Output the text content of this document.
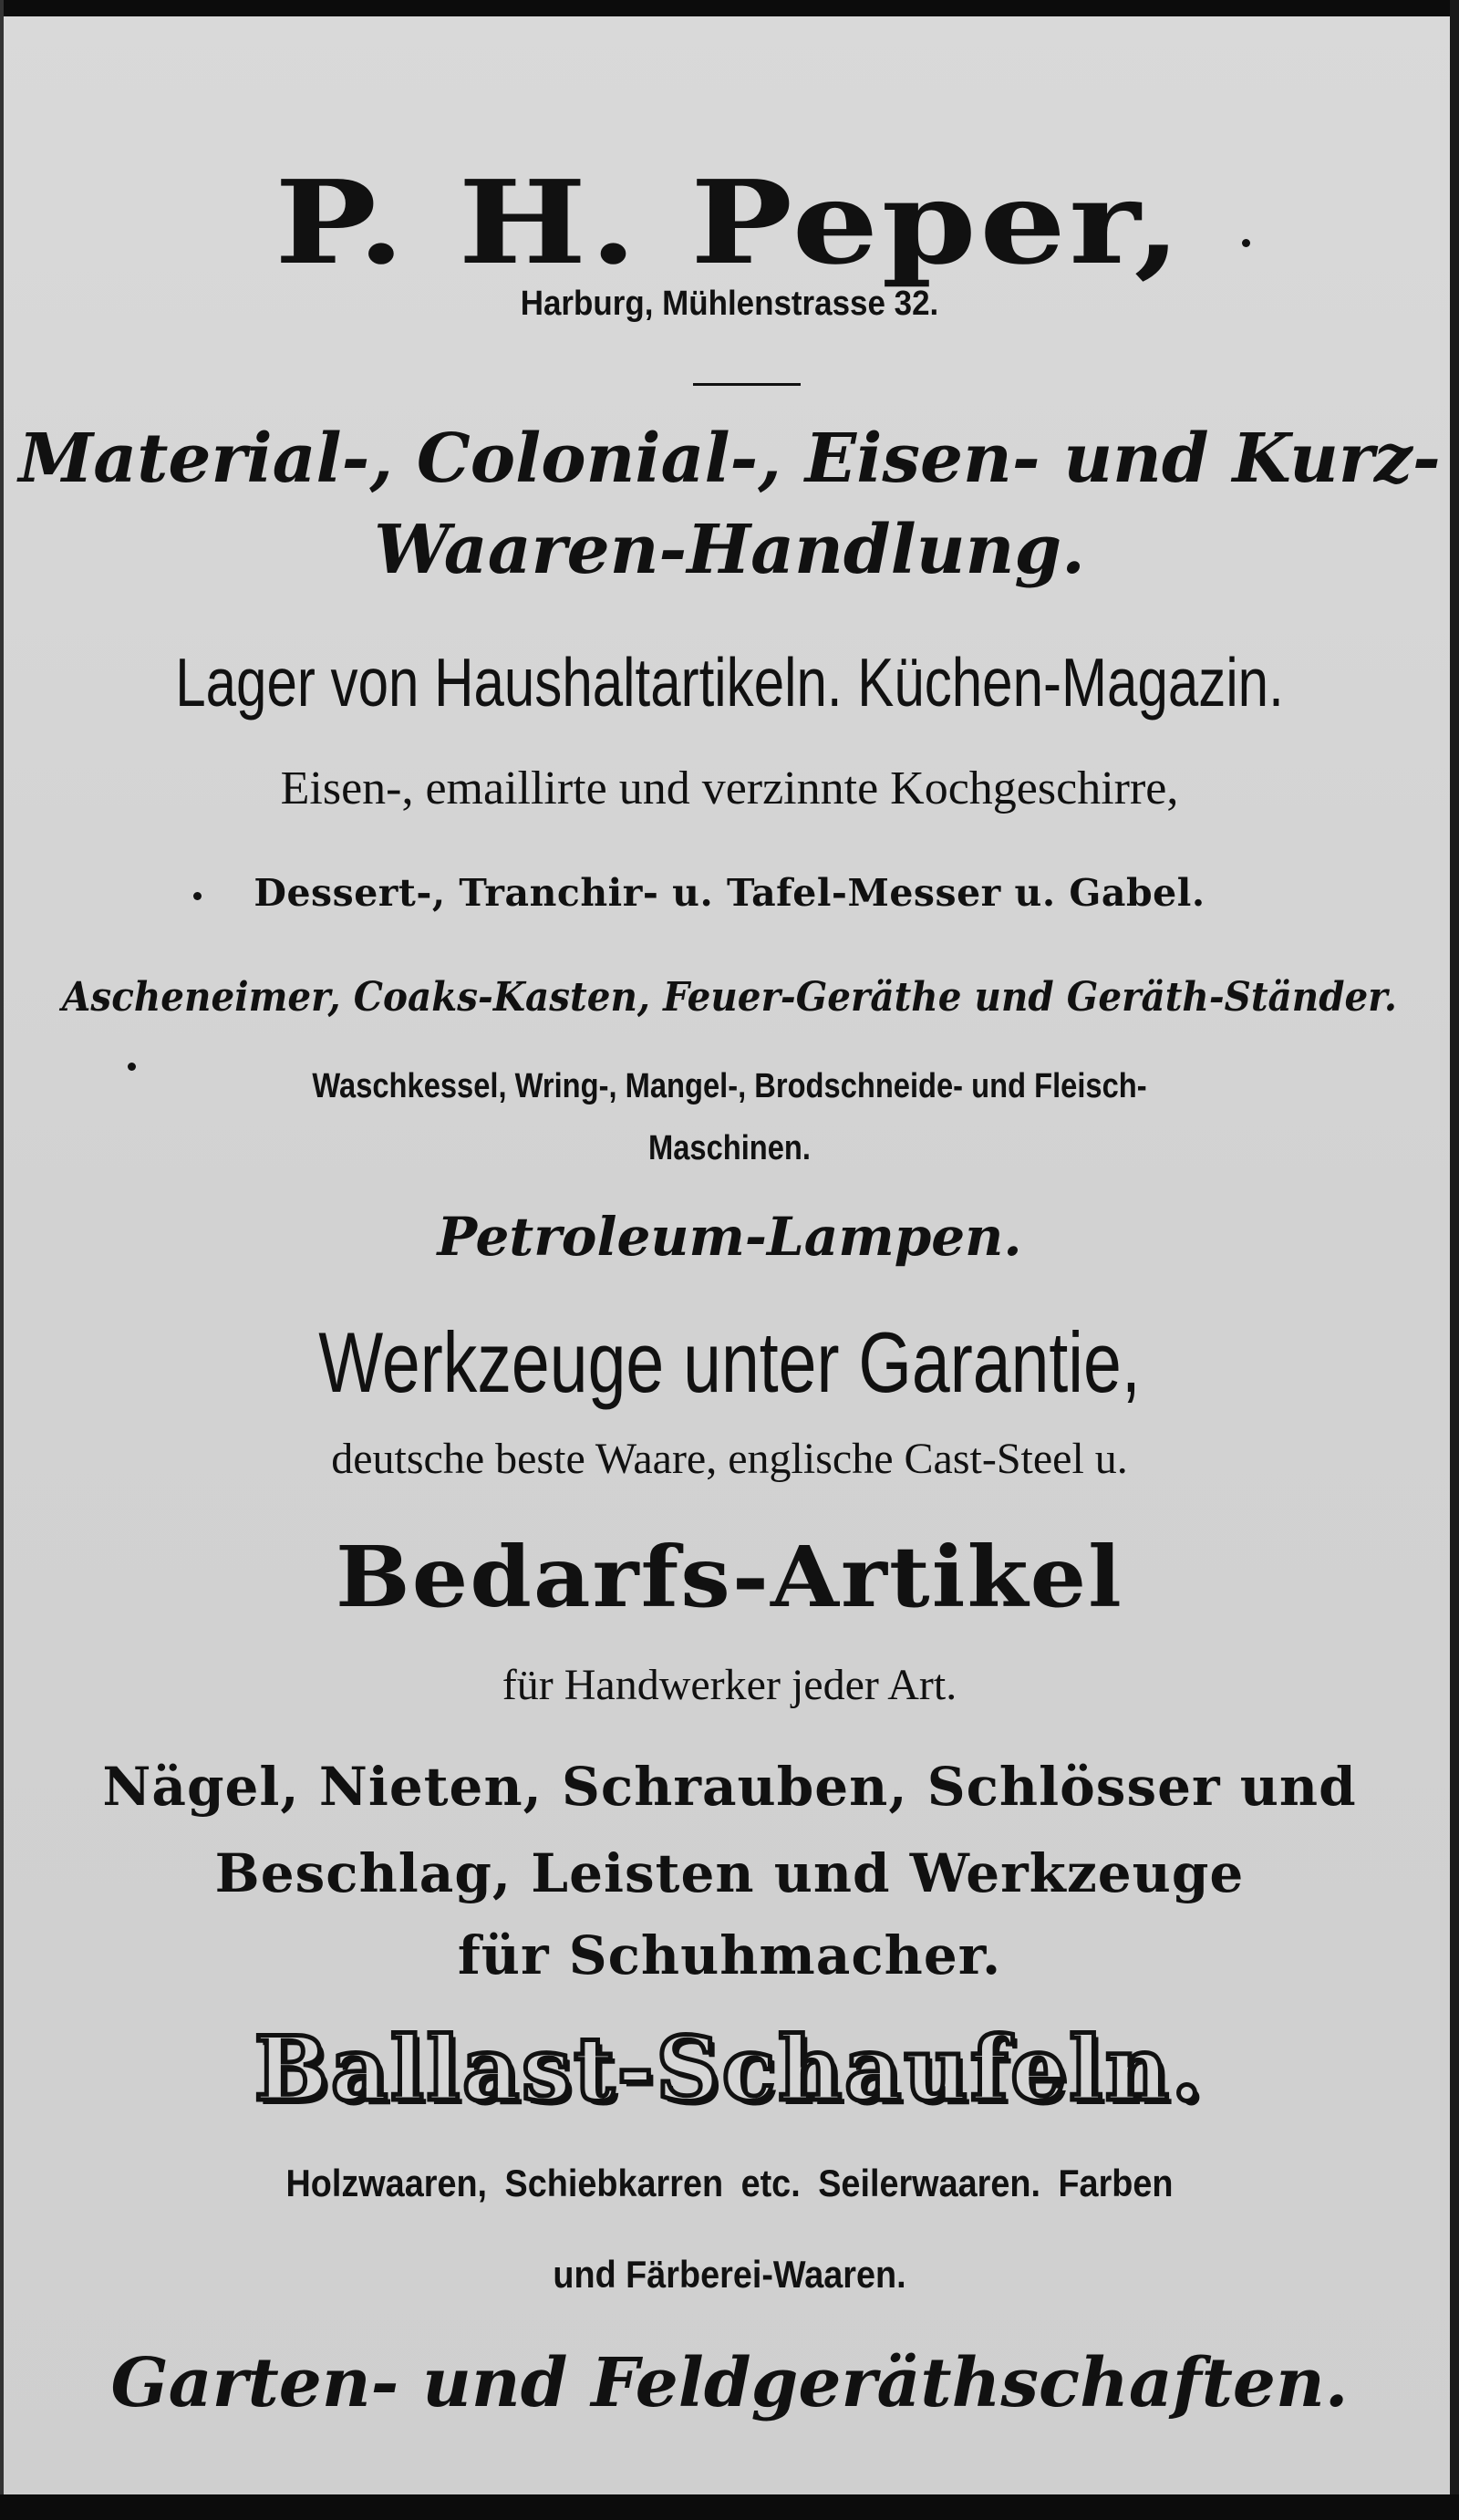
P. H. Peper,
Harburg, Mühlenstrasse 32.
Material-, Colonial-, Eisen- und Kurz-
Waaren-Handlung.
Lager von Haushaltartikeln. Küchen-Magazin.
Eisen-, emaillirte und verzinnte Kochgeschirre,
Dessert-, Tranchir- u. Tafel-Messer u. Gabel.
Ascheneimer, Coaks-Kasten, Feuer-Geräthe und Geräth-Ständer.
Waschkessel, Wring-, Mangel-, Brodschneide- und Fleisch-
Maschinen.
Petroleum-Lampen.
Werkzeuge unter Garantie,
deutsche beste Waare, englische Cast-Steel u.
Bedarfs-Artikel
für Handwerker jeder Art.
Nägel, Nieten, Schrauben, Schlösser und
Beschlag, Leisten und Werkzeuge
für Schuhmacher.
Ballast-Schaufeln.
Holzwaaren, Schiebkarren etc. Seilerwaaren. Farben
und Färberei-Waaren.
Garten- und Feldgeräthschaften.
